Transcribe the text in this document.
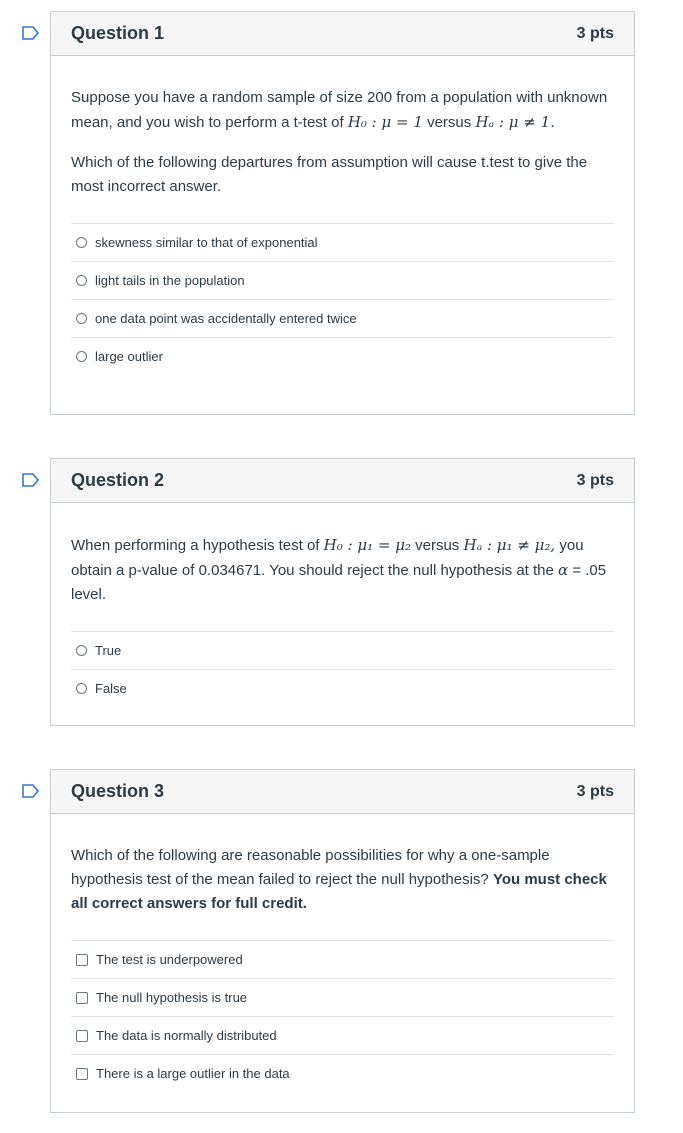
Question 1	3 pts

Suppose you have a random sample of size 200 from a population with unknown mean, and you wish to perform a t-test of H₀ : μ = 1 versus Hₐ : μ ≠ 1.

Which of the following departures from assumption will cause t.test to give the most incorrect answer.

skewness similar to that of exponential
light tails in the population
one data point was accidentally entered twice
large outlier
Question 2	3 pts

When performing a hypothesis test of H₀ : μ₁ = μ₂ versus Hₐ : μ₁ ≠ μ₂, you obtain a p-value of 0.034671. You should reject the null hypothesis at the α = .05 level.

True
False
Question 3	3 pts

Which of the following are reasonable possibilities for why a one-sample hypothesis test of the mean failed to reject the null hypothesis? You must check all correct answers for full credit.

The test is underpowered
The null hypothesis is true
The data is normally distributed
There is a large outlier in the data
